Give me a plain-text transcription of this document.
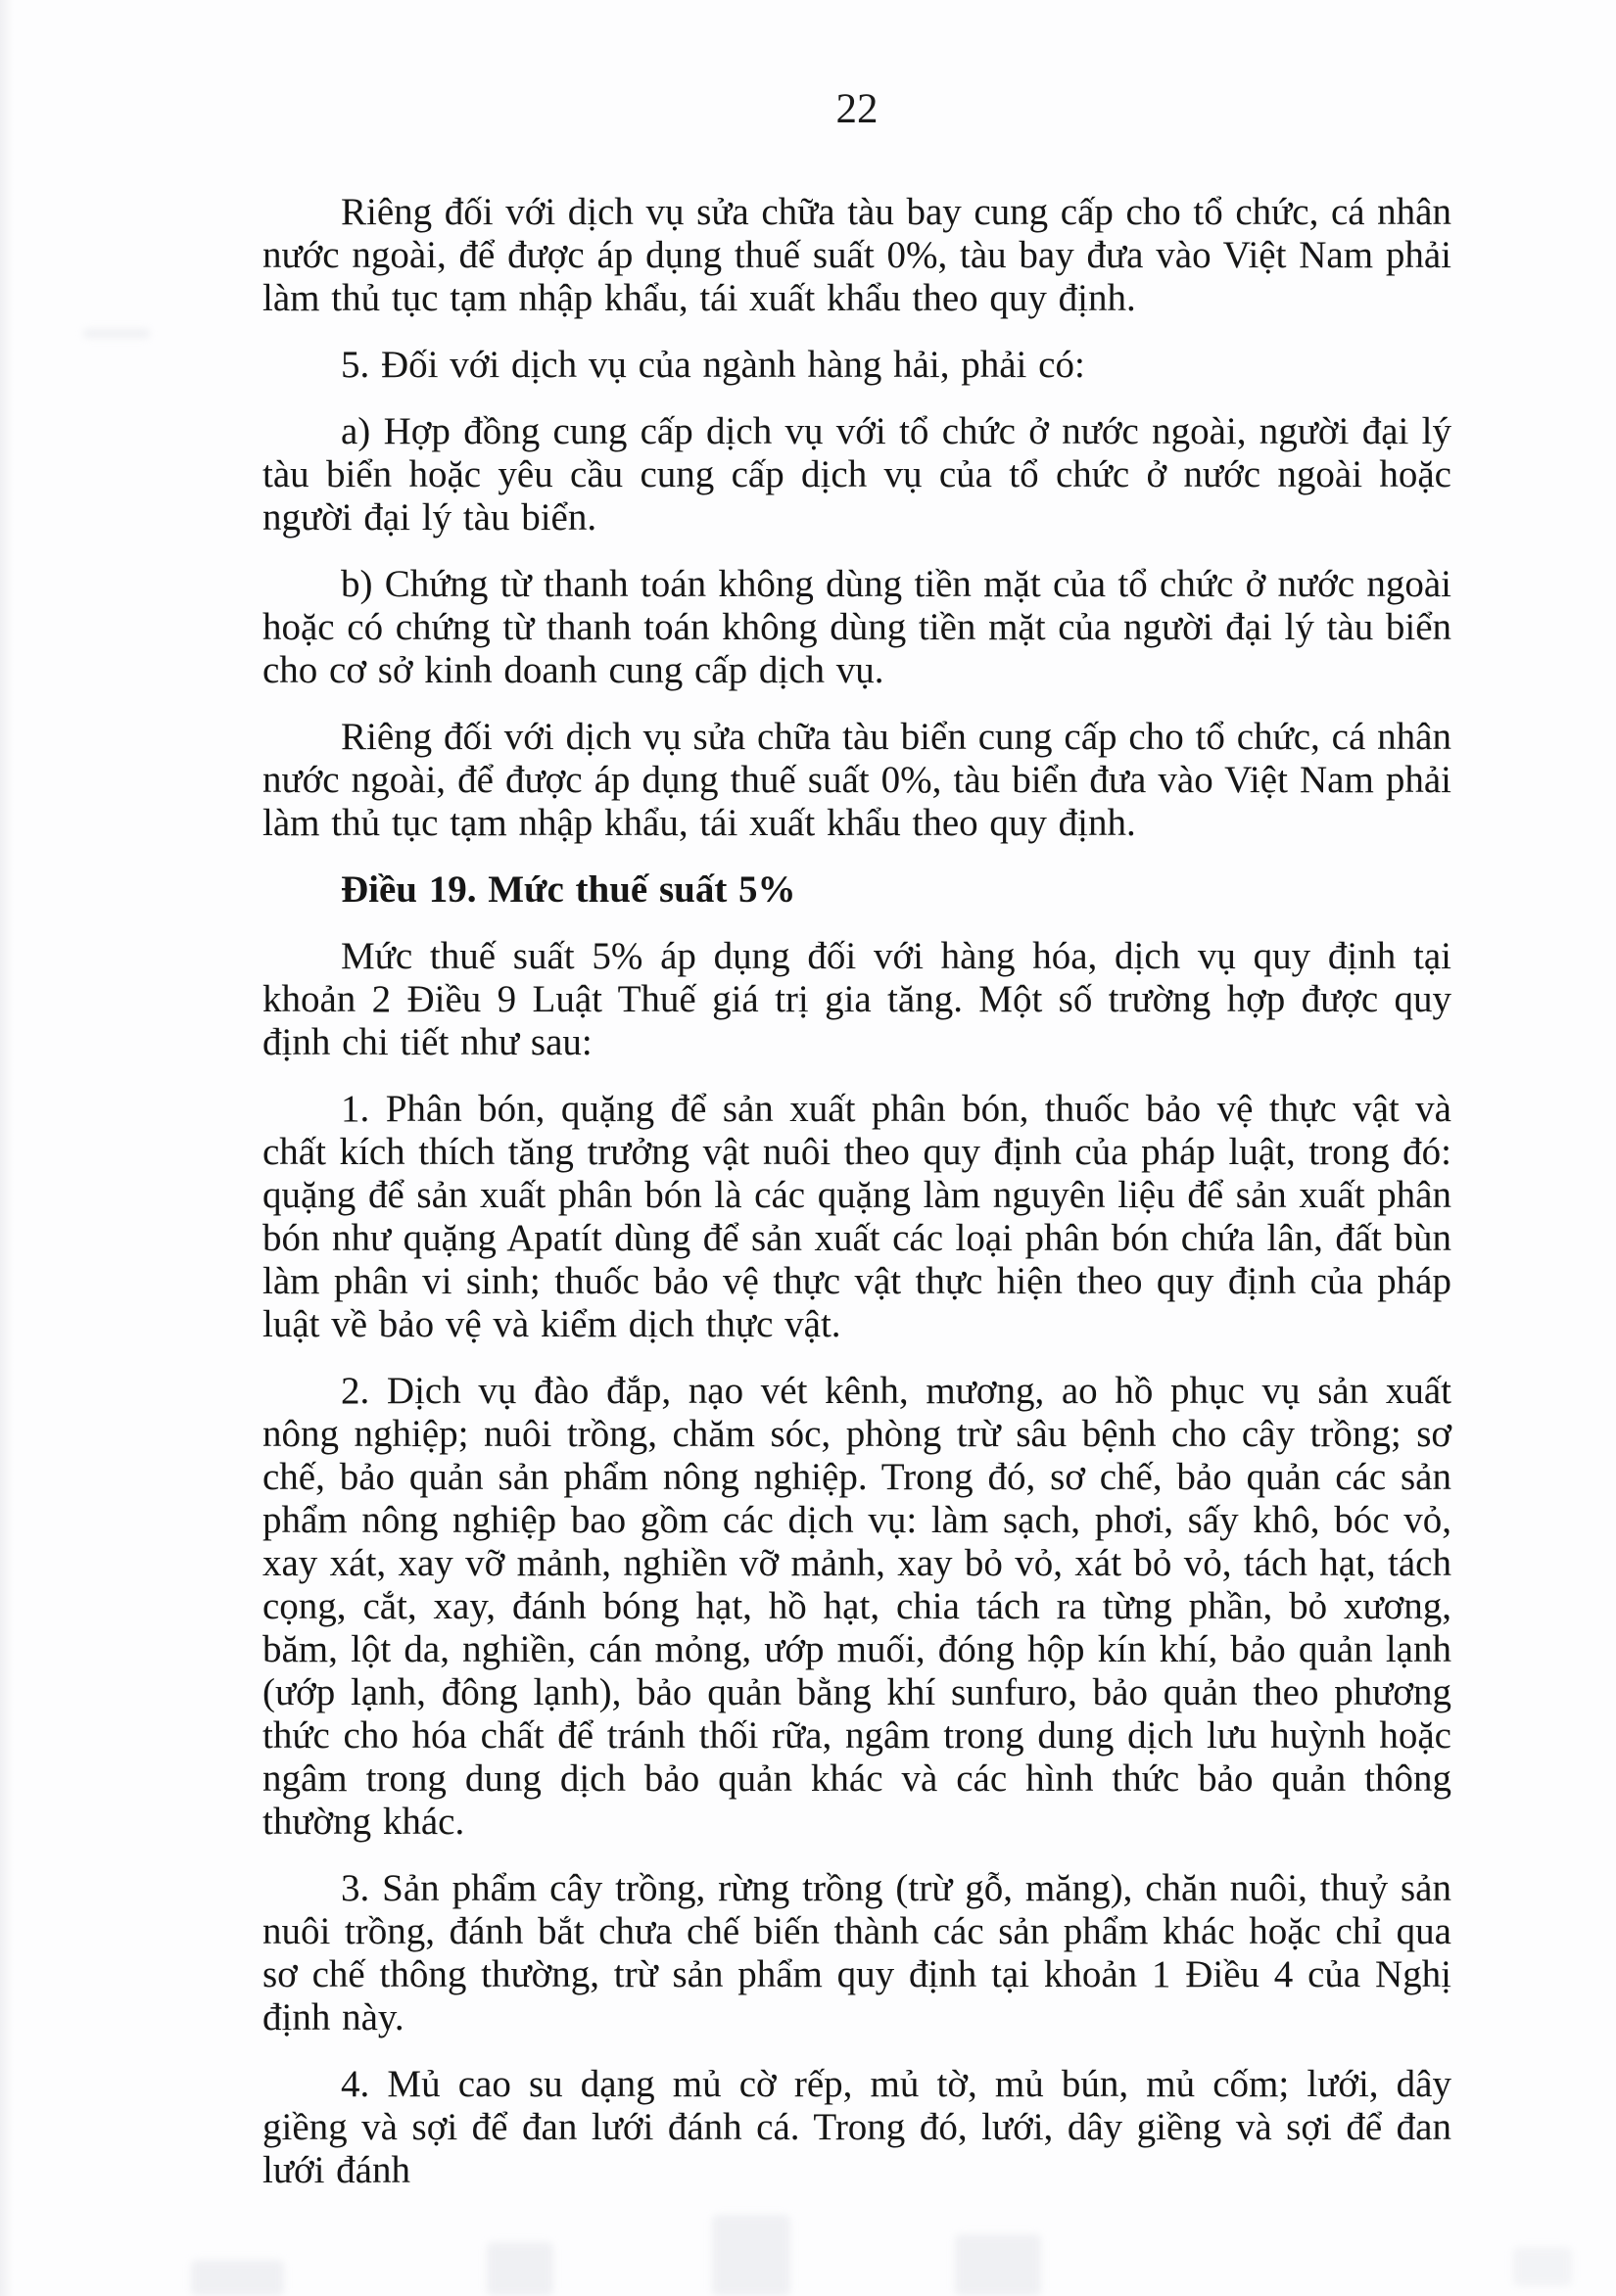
22

Riêng đối với dịch vụ sửa chữa tàu bay cung cấp cho tổ chức, cá nhân nước ngoài, để được áp dụng thuế suất 0%, tàu bay đưa vào Việt Nam phải làm thủ tục tạm nhập khẩu, tái xuất khẩu theo quy định.

5. Đối với dịch vụ của ngành hàng hải, phải có:

a) Hợp đồng cung cấp dịch vụ với tổ chức ở nước ngoài, người đại lý tàu biển hoặc yêu cầu cung cấp dịch vụ của tổ chức ở nước ngoài hoặc người đại lý tàu biển.

b) Chứng từ thanh toán không dùng tiền mặt của tổ chức ở nước ngoài hoặc có chứng từ thanh toán không dùng tiền mặt của người đại lý tàu biển cho cơ sở kinh doanh cung cấp dịch vụ.

Riêng đối với dịch vụ sửa chữa tàu biển cung cấp cho tổ chức, cá nhân nước ngoài, để được áp dụng thuế suất 0%, tàu biển đưa vào Việt Nam phải làm thủ tục tạm nhập khẩu, tái xuất khẩu theo quy định.

Điều 19. Mức thuế suất 5%

Mức thuế suất 5% áp dụng đối với hàng hóa, dịch vụ quy định tại khoản 2 Điều 9 Luật Thuế giá trị gia tăng. Một số trường hợp được quy định chi tiết như sau:

1. Phân bón, quặng để sản xuất phân bón, thuốc bảo vệ thực vật và chất kích thích tăng trưởng vật nuôi theo quy định của pháp luật, trong đó: quặng để sản xuất phân bón là các quặng làm nguyên liệu để sản xuất phân bón như quặng Apatít dùng để sản xuất các loại phân bón chứa lân, đất bùn làm phân vi sinh; thuốc bảo vệ thực vật thực hiện theo quy định của pháp luật về bảo vệ và kiểm dịch thực vật.

2. Dịch vụ đào đắp, nạo vét kênh, mương, ao hồ phục vụ sản xuất nông nghiệp; nuôi trồng, chăm sóc, phòng trừ sâu bệnh cho cây trồng; sơ chế, bảo quản sản phẩm nông nghiệp. Trong đó, sơ chế, bảo quản các sản phẩm nông nghiệp bao gồm các dịch vụ: làm sạch, phơi, sấy khô, bóc vỏ, xay xát, xay vỡ mảnh, nghiền vỡ mảnh, xay bỏ vỏ, xát bỏ vỏ, tách hạt, tách cọng, cắt, xay, đánh bóng hạt, hồ hạt, chia tách ra từng phần, bỏ xương, băm, lột da, nghiền, cán mỏng, ướp muối, đóng hộp kín khí, bảo quản lạnh (ướp lạnh, đông lạnh), bảo quản bằng khí sunfuro, bảo quản theo phương thức cho hóa chất để tránh thối rữa, ngâm trong dung dịch lưu huỳnh hoặc ngâm trong dung dịch bảo quản khác và các hình thức bảo quản thông thường khác.

3. Sản phẩm cây trồng, rừng trồng (trừ gỗ, măng), chăn nuôi, thuỷ sản nuôi trồng, đánh bắt chưa chế biến thành các sản phẩm khác hoặc chỉ qua sơ chế thông thường, trừ sản phẩm quy định tại khoản 1 Điều 4 của Nghị định này.

4. Mủ cao su dạng mủ cờ rếp, mủ tờ, mủ bún, mủ cốm; lưới, dây giềng và sợi để đan lưới đánh cá. Trong đó, lưới, dây giềng và sợi để đan lưới đánh
